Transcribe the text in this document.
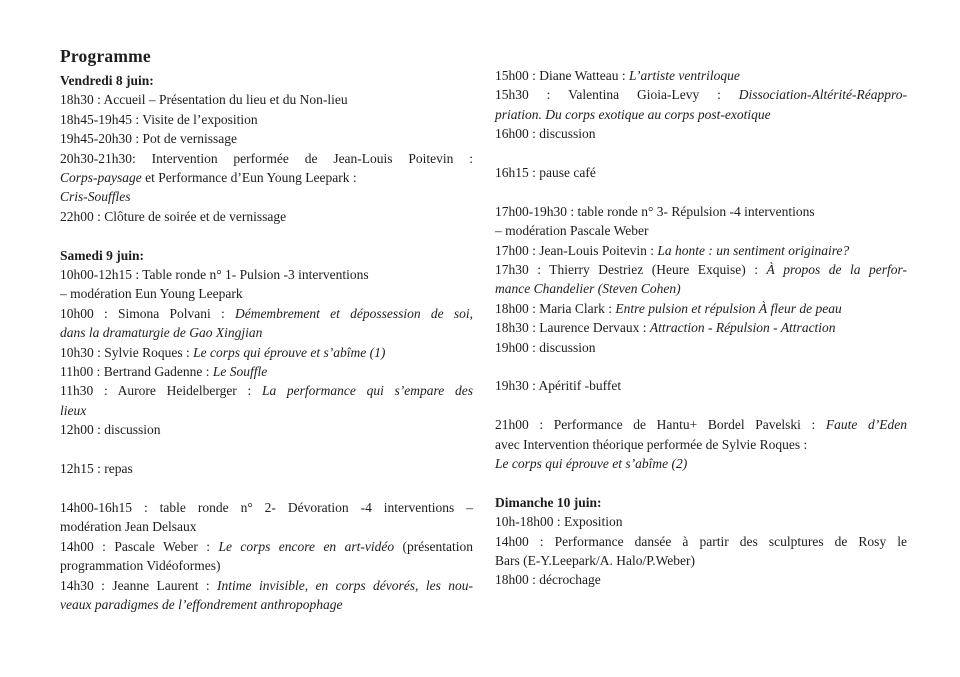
Programme
Vendredi 8 juin:
18h30 : Accueil – Présentation du lieu et du Non-lieu
18h45-19h45 : Visite de l’exposition
19h45-20h30 : Pot de vernissage
20h30-21h30: Intervention performée de Jean-Louis Poitevin :
Corps-paysage et Performance d’Eun Young Leepark :
Cris-Souffles
22h00 : Clôture de soirée et de vernissage
Samedi 9 juin:
10h00-12h15 : Table ronde n° 1- Pulsion -3 interventions
– modération Eun Young Leepark
10h00 : Simona Polvani : Démembrement et dépossession de soi,
dans la dramaturgie de Gao Xingjian
10h30 : Sylvie Roques : Le corps qui éprouve et s’abîme (1)
11h00 : Bertrand Gadenne : Le Souffle
11h30 : Aurore Heidelberger : La performance qui s’empare des
lieux
12h00 : discussion
12h15 : repas
14h00-16h15 : table ronde n° 2- Dévoration -4 interventions –
modération Jean Delsaux
14h00 : Pascale Weber : Le corps encore en art-vidéo (présentation
programmation Vidéoformes)
14h30 : Jeanne Laurent : Intime invisible, en corps dévorés, les nou-
veaux paradigmes de l’effondrement anthropophage
15h00 : Diane Watteau : L’artiste ventriloque
15h30 : Valentina Gioia-Levy : Dissociation-Altérité-Réappro-
priation. Du corps exotique au corps post-exotique
16h00 : discussion
16h15 : pause café
17h00-19h30 : table ronde n° 3- Répulsion -4 interventions
– modération Pascale Weber
17h00 : Jean-Louis Poitevin : La honte : un sentiment originaire?
17h30 : Thierry Destriez (Heure Exquise) : À propos de la perfor-
mance Chandelier (Steven Cohen)
18h00 : Maria Clark : Entre pulsion et répulsion À fleur de peau
18h30 : Laurence Dervaux : Attraction - Répulsion - Attraction
19h00 : discussion
19h30 : Apéritif -buffet
21h00 : Performance de Hantu+ Bordel Pavelski : Faute d’Eden
avec Intervention théorique performée de Sylvie Roques :
Le corps qui éprouve et s’abîme (2)
Dimanche 10 juin:
10h-18h00 : Exposition
14h00 : Performance dansée à partir des sculptures de Rosy le
Bars (E-Y.Leepark/A. Halo/P.Weber)
18h00 : décrochage
